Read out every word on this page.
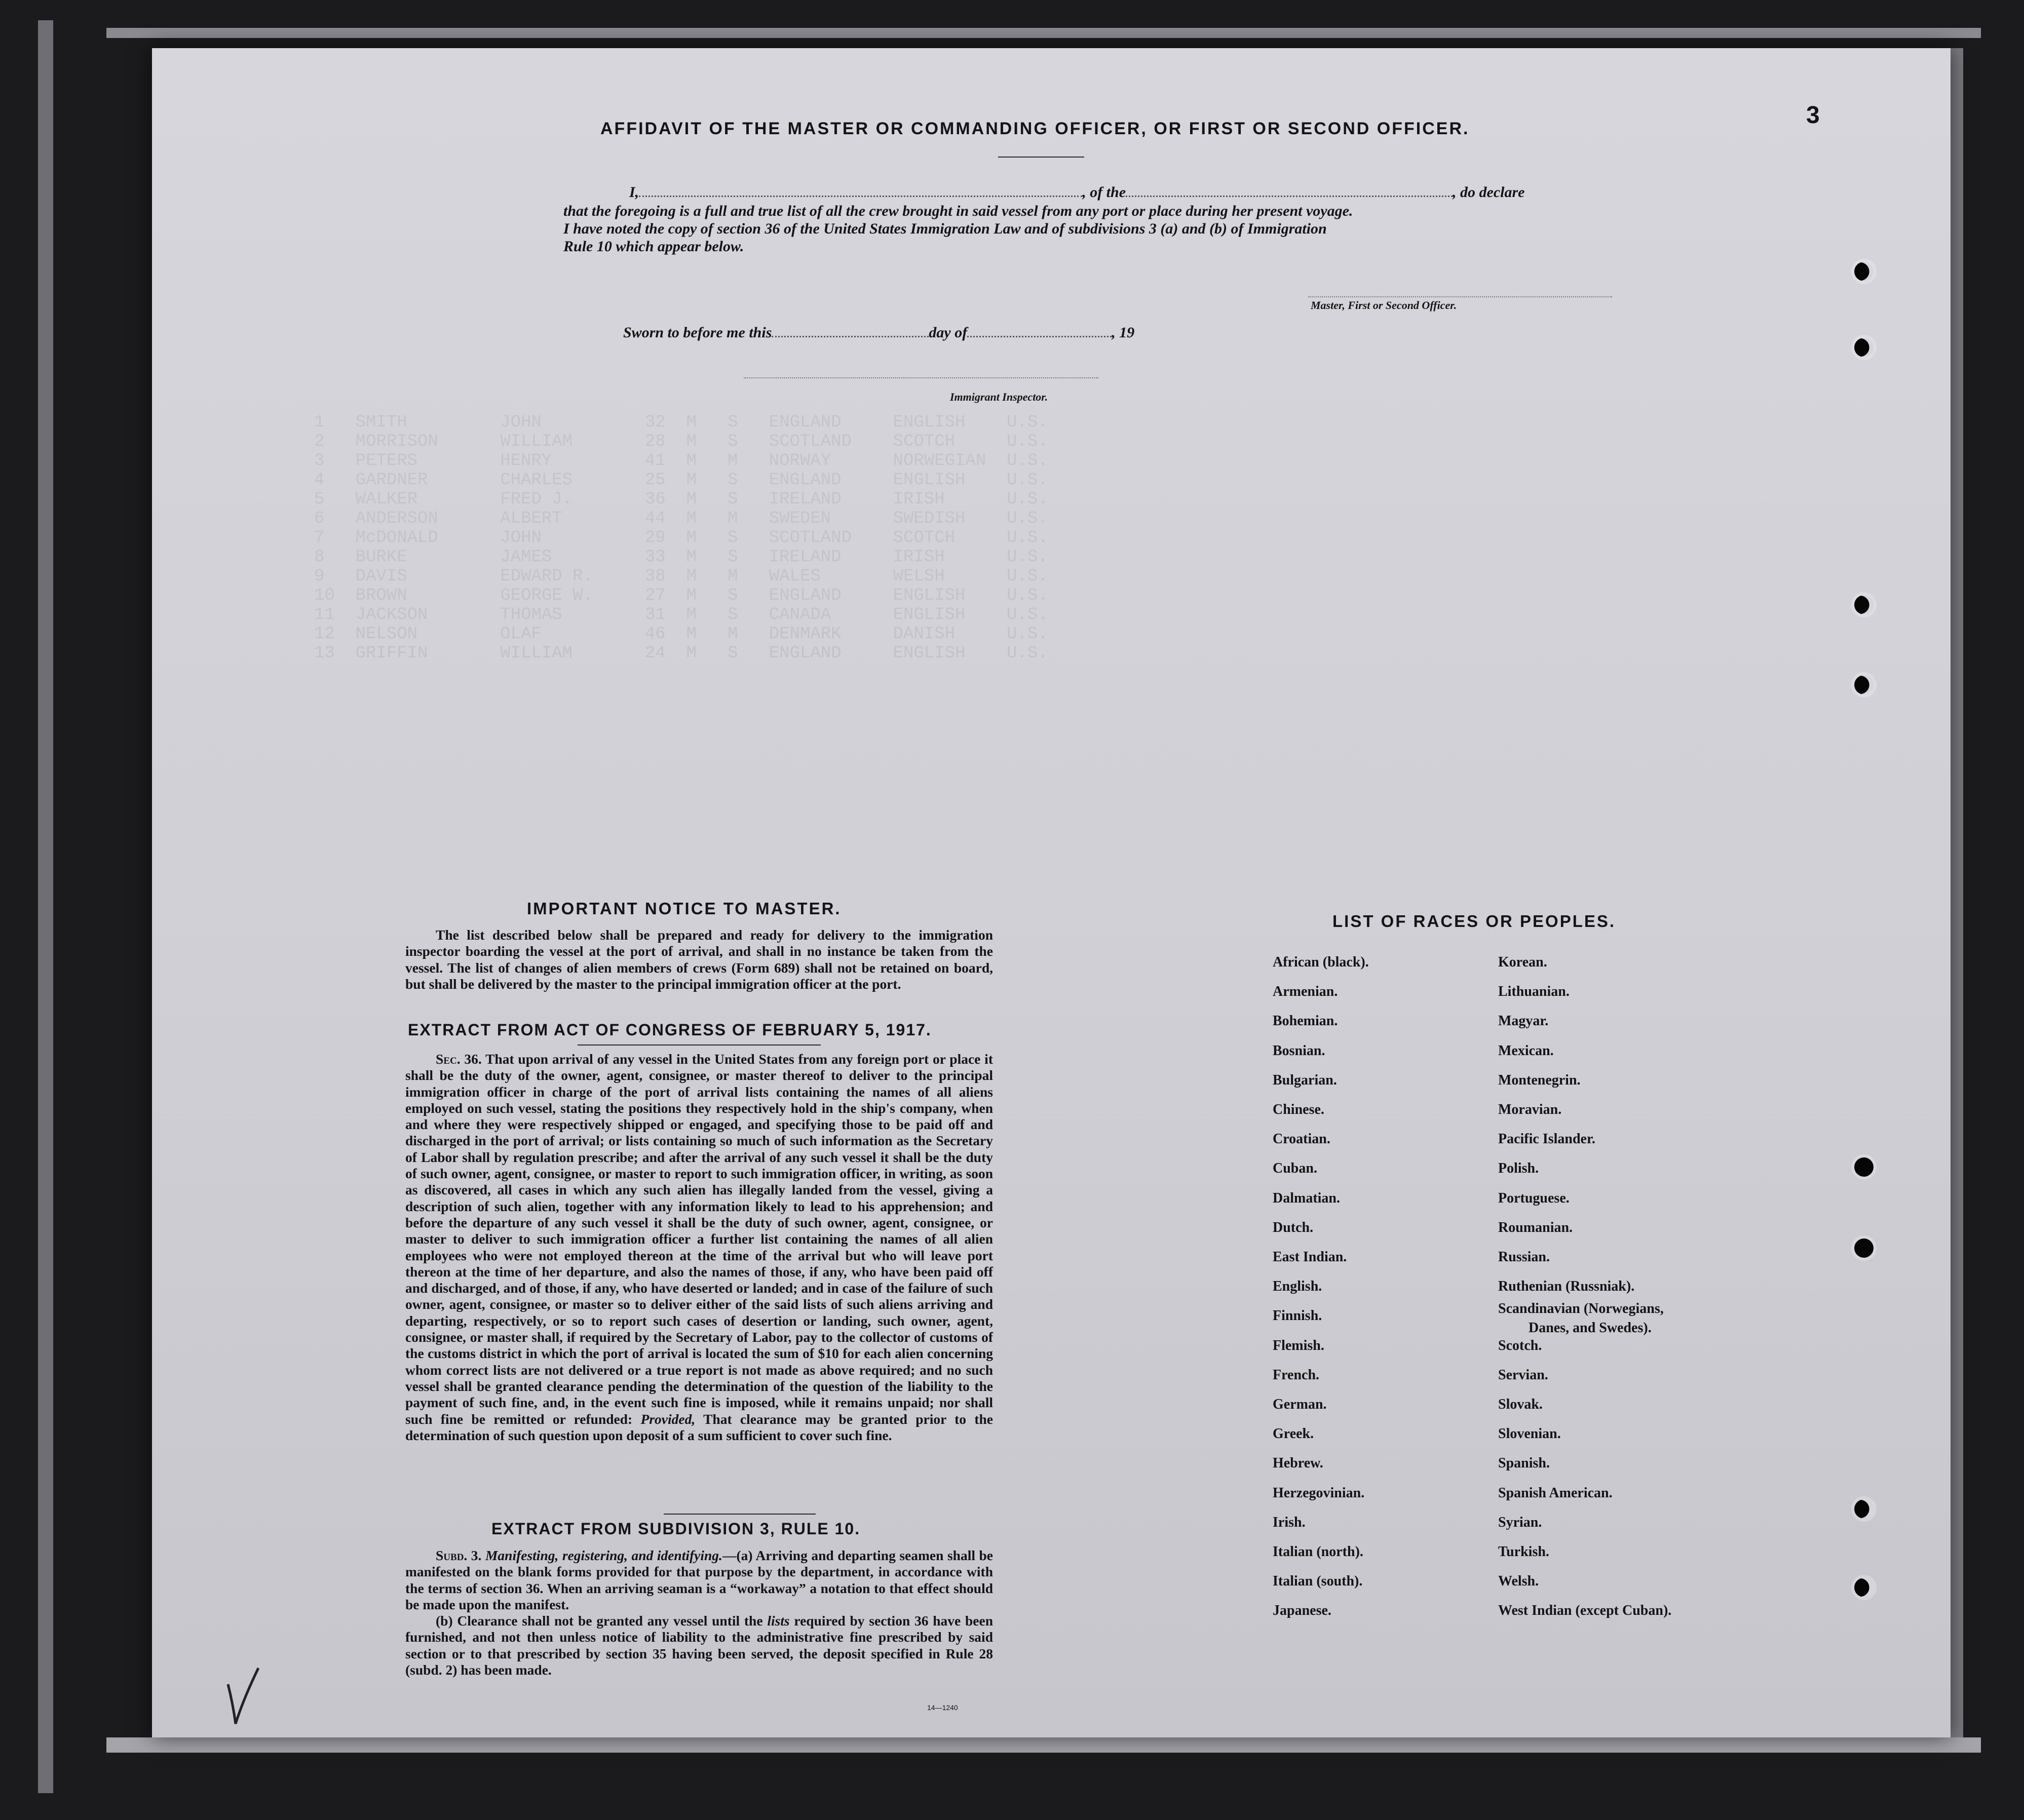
1   SMITH         JOHN          32  M   S   ENGLAND     ENGLISH    U.S.
2   MORRISON      WILLIAM       28  M   S   SCOTLAND    SCOTCH     U.S.
3   PETERS        HENRY         41  M   M   NORWAY      NORWEGIAN  U.S.
4   GARDNER       CHARLES       25  M   S   ENGLAND     ENGLISH    U.S.
5   WALKER        FRED J.       36  M   S   IRELAND     IRISH      U.S.
6   ANDERSON      ALBERT        44  M   M   SWEDEN      SWEDISH    U.S.
7   McDONALD      JOHN          29  M   S   SCOTLAND    SCOTCH     U.S.
8   BURKE         JAMES         33  M   S   IRELAND     IRISH      U.S.
9   DAVIS         EDWARD R.     38  M   M   WALES       WELSH      U.S.
10  BROWN         GEORGE W.     27  M   S   ENGLAND     ENGLISH    U.S.
11  JACKSON       THOMAS        31  M   S   CANADA      ENGLISH    U.S.
12  NELSON        OLAF          46  M   M   DENMARK     DANISH     U.S.
13  GRIFFIN       WILLIAM       24  M   S   ENGLAND     ENGLISH    U.S.
3
AFFIDAVIT OF THE MASTER OR COMMANDING OFFICER, OR FIRST OR SECOND OFFICER.
I,	, of the	, do declare
that the foregoing is a full and true list of all the crew brought in said vessel from any port or place during her present voyage.
I have noted the copy of section 36 of the United States Immigration Law and of subdivisions 3 (a) and (b) of Immigration
Rule 10 which appear below.
Master, First or Second Officer.
Sworn to before me this	day of	, 19
Immigrant Inspector.
IMPORTANT NOTICE TO MASTER.

The list described below shall be prepared and ready for delivery to the immigration inspector boarding the vessel at the port of arrival, and shall in no instance be taken from the vessel. The list of changes of alien members of crews (Form 689) shall not be retained on board, but shall be delivered by the master to the principal immigration officer at the port.

EXTRACT FROM ACT OF CONGRESS OF FEBRUARY 5, 1917.

Sec. 36. That upon arrival of any vessel in the United States from any foreign port or place it shall be the duty of the owner, agent, consignee, or master thereof to deliver to the principal immigration officer in charge of the port of arrival lists containing the names of all aliens employed on such vessel, stating the positions they respectively hold in the ship's company, when and where they were respectively shipped or engaged, and specifying those to be paid off and discharged in the port of arrival; or lists containing so much of such information as the Secretary of Labor shall by regulation prescribe; and after the arrival of any such vessel it shall be the duty of such owner, agent, consignee, or master to report to such immigration officer, in writing, as soon as discovered, all cases in which any such alien has illegally landed from the vessel, giving a description of such alien, together with any information likely to lead to his apprehension; and before the departure of any such vessel it shall be the duty of such owner, agent, consignee, or master to deliver to such immigration officer a further list containing the names of all alien employees who were not employed thereon at the time of the arrival but who will leave port thereon at the time of her departure, and also the names of those, if any, who have been paid off and discharged, and of those, if any, who have deserted or landed; and in case of the failure of such owner, agent, consignee, or master so to deliver either of the said lists of such aliens arriving and departing, respectively, or so to report such cases of desertion or landing, such owner, agent, consignee, or master shall, if required by the Secretary of Labor, pay to the collector of customs of the customs district in which the port of arrival is located the sum of $10 for each alien concerning whom correct lists are not delivered or a true report is not made as above required; and no such vessel shall be granted clearance pending the determination of the question of the liability to the payment of such fine, and, in the event such fine is imposed, while it remains unpaid; nor shall such fine be remitted or refunded: Provided, That clearance may be granted prior to the determination of such question upon deposit of a sum sufficient to cover such fine.

EXTRACT FROM SUBDIVISION 3, RULE 10.

Subd. 3. Manifesting, registering, and identifying.—(a) Arriving and departing seamen shall be manifested on the blank forms provided for that purpose by the department, in accordance with the terms of section 36. When an arriving seaman is a “workaway” a notation to that effect should be made upon the manifest.

(b) Clearance shall not be granted any vessel until the lists required by section 36 have been furnished, and not then unless notice of liability to the administrative fine prescribed by said section or to that prescribed by section 35 having been served, the deposit specified in Rule 28 (subd. 2) has been made.

14—1240
LIST OF RACES OR PEOPLES.
African (black).
Armenian.
Bohemian.
Bosnian.
Bulgarian.
Chinese.
Croatian.
Cuban.
Dalmatian.
Dutch.
East Indian.
English.
Finnish.
Flemish.
French.
German.
Greek.
Hebrew.
Herzegovinian.
Irish.
Italian (north).
Italian (south).
Japanese.
Korean.
Lithuanian.
Magyar.
Mexican.
Montenegrin.
Moravian.
Pacific Islander.
Polish.
Portuguese.
Roumanian.
Russian.
Ruthenian (Russniak).
Scandinavian (Norwegians,
Danes, and Swedes).
Scotch.
Servian.
Slovak.
Slovenian.
Spanish.
Spanish American.
Syrian.
Turkish.
Welsh.
West Indian (except Cuban).
